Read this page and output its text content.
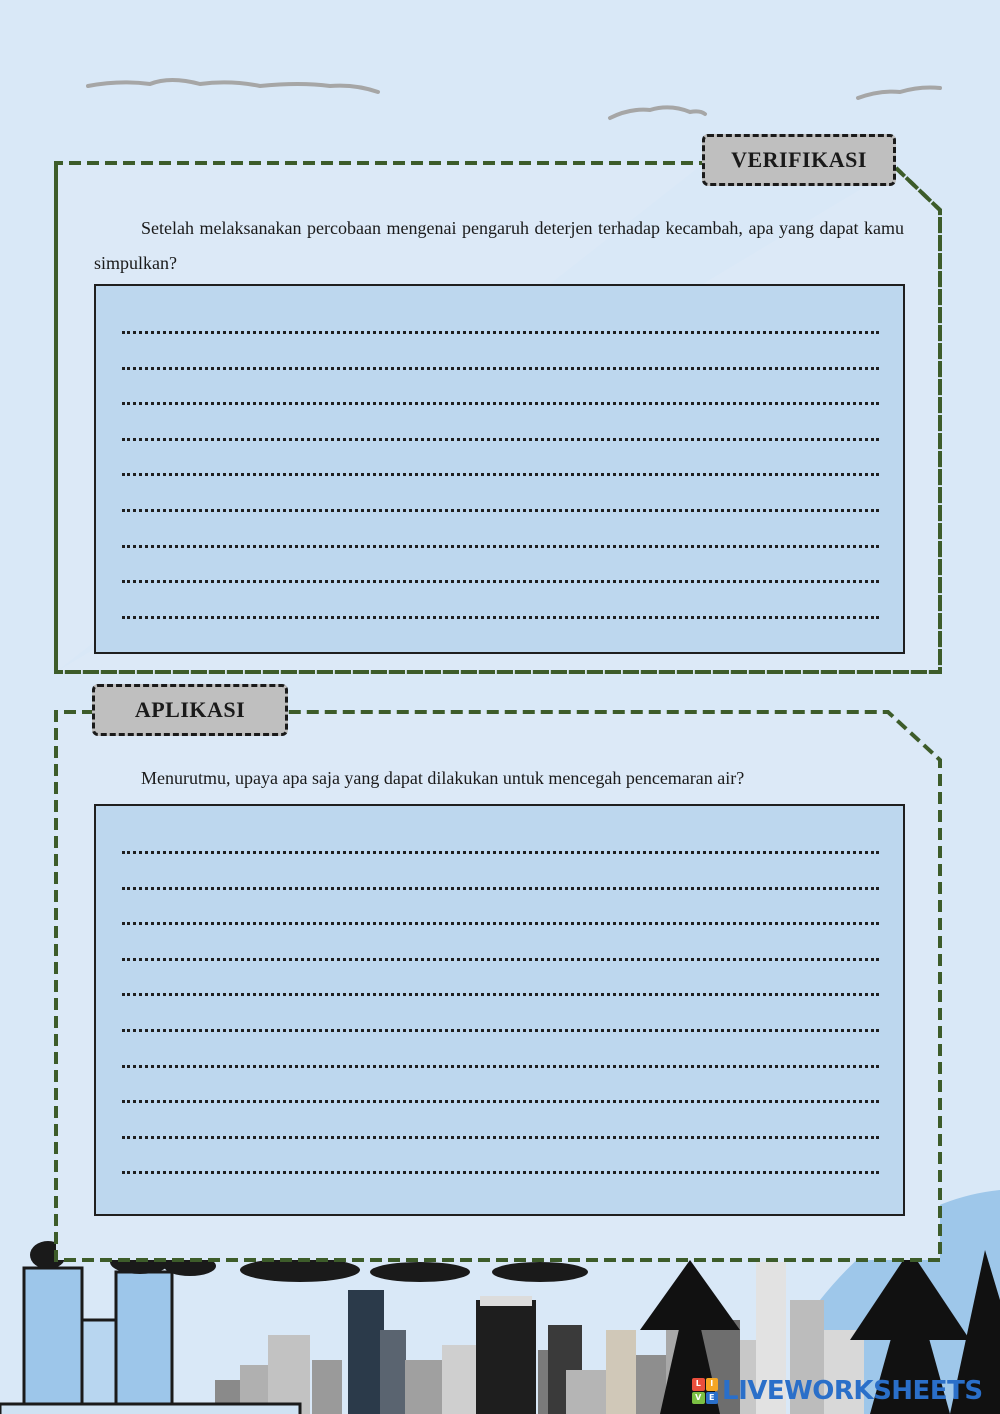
VERIFIKASI

Setelah melaksanakan percobaan mengenai pengaruh deterjen terhadap kecambah, apa yang dapat kamu simpulkan?

APLIKASI

Menurutmu, upaya apa saja yang dapat dilakukan untuk mencegah pencemaran air?

L	I
V E LIVEWORKSHEETS
